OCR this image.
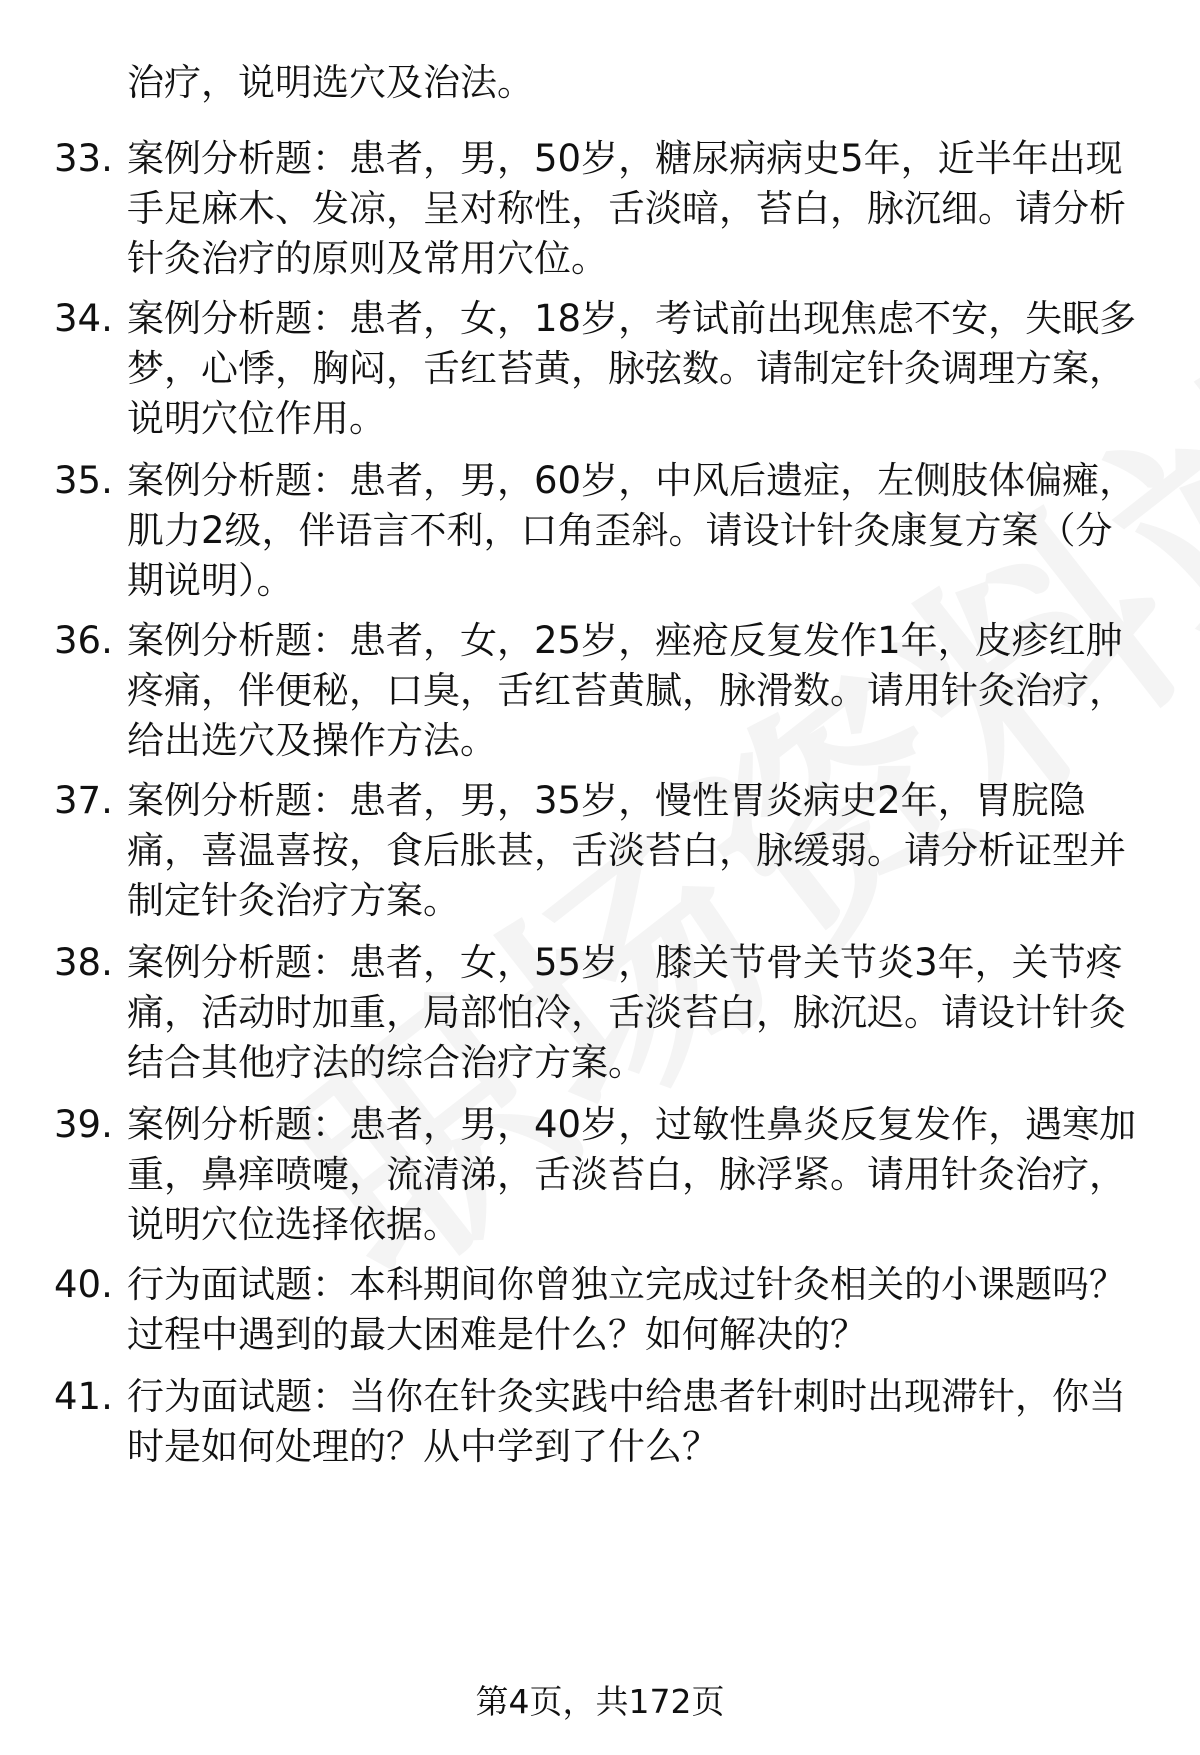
治疗，说明选穴及治法。
33. 案例分析题：患者，男，50岁，糖尿病病史5年，近半年出现手足麻木、发凉，呈对称性，舌淡暗，苔白，脉沉细。请分析针灸治疗的原则及常用穴位。
34. 案例分析题：患者，女，18岁，考试前出现焦虑不安，失眠多梦，心悸，胸闷，舌红苔黄，脉弦数。请制定针灸调理方案，说明穴位作用。
35. 案例分析题：患者，男，60岁，中风后遗症，左侧肢体偏瘫，肌力2级，伴语言不利，口角歪斜。请设计针灸康复方案（分期说明）。
36. 案例分析题：患者，女，25岁，痤疮反复发作1年，皮疹红肿疼痛，伴便秘，口臭，舌红苔黄腻，脉滑数。请用针灸治疗，给出选穴及操作方法。
37. 案例分析题：患者，男，35岁，慢性胃炎病史2年，胃脘隐痛，喜温喜按，食后胀甚，舌淡苔白，脉缓弱。请分析证型并制定针灸治疗方案。
38. 案例分析题：患者，女，55岁，膝关节骨关节炎3年，关节疼痛，活动时加重，局部怕冷，舌淡苔白，脉沉迟。请设计针灸结合其他疗法的综合治疗方案。
39. 案例分析题：患者，男，40岁，过敏性鼻炎反复发作，遇寒加重，鼻痒喷嚏，流清涕，舌淡苔白，脉浮紧。请用针灸治疗，说明穴位选择依据。
40. 行为面试题：本科期间你曾独立完成过针灸相关的小课题吗？过程中遇到的最大困难是什么？如何解决的？
41. 行为面试题：当你在针灸实践中给患者针刺时出现滞针，你当时是如何处理的？从中学到了什么？
第4页，共172页
